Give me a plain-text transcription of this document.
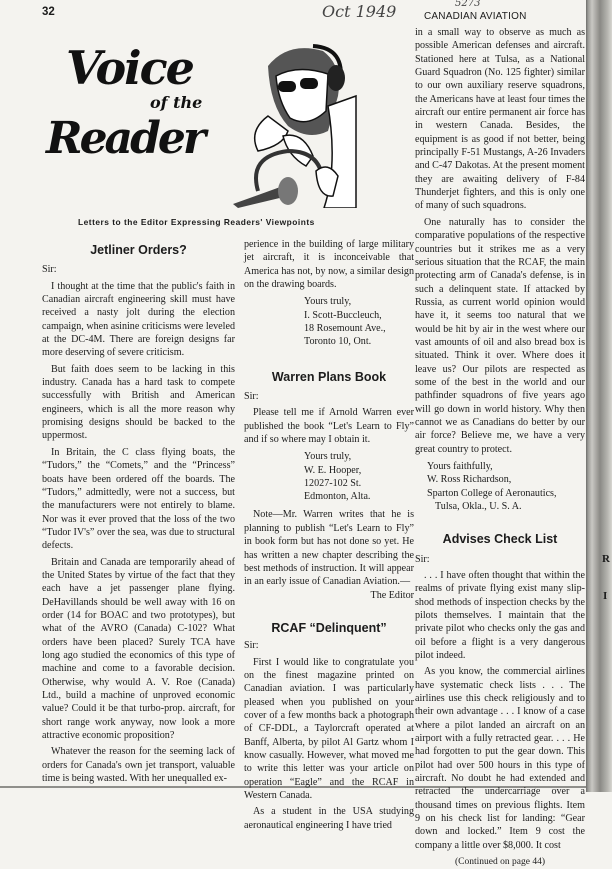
R
I
32	Oct 1949	5273
CANADIAN AVIATION
Voice
of the
Reader
Letters to the Editor Expressing Readers' Viewpoints
Jetliner Orders?
Sir:

I thought at the time that the public's faith in Canadian aircraft engineering skill must have received a nasty jolt during the election campaign, when asinine criticisms were leveled at the DC-4M. There are foreign designs far more deserving of severe criticism.

But faith does seem to be lacking in this industry. Canada has a hard task to compete successfully with British and American engineers, which is all the more reason why promising designs should be backed to the uppermost.

In Britain, the C class flying boats, the “Tudors,” the “Comets,” and the “Princess” boats have been ordered off the boards. The “Tudors,” admittedly, were not a success, but the manufacturers were not entirely to blame. Nor was it ever proved that the loss of the two “Tudor IV's” over the sea, was due to structural defects.

Britain and Canada are temporarily ahead of the United States by virtue of the fact that they each have a jet passenger plane flying. DeHavillands should be well away with 16 on order (14 for BOAC and two prototypes), but what of the AVRO (Canada) C-102? What orders have been placed? Surely TCA have long ago studied the economics of this type of machine and come to a favorable decision. Otherwise, why would A. V. Roe (Canada) Ltd., build a machine of unproved economic value? Could it be that turbo-prop. aircraft, for short range work anyway, now look a more attractive economic proposition?

Whatever the reason for the seeming lack of orders for Canada's own jet transport, valuable time is being wasted. With her unequalled ex-

perience in the building of large military jet aircraft, it is inconceivable that America has not, by now, a similar design on the drawing boards.

Yours truly,
I. Scott-Buccleuch,
18 Rosemount Ave.,
Toronto 10, Ont.
Warren Plans Book
Sir:

Please tell me if Arnold Warren ever published the book “Let's Learn to Fly” and if so where may I obtain it.

Yours truly,
W. E. Hooper,
12027-102 St.
Edmonton, Alta.

Note—Mr. Warren writes that he is planning to publish “Let's Learn to Fly” in book form but has not done so yet. He has written a new chapter describing the best methods of instruction. It will appear in an early issue of Canadian Aviation.—

The Editor
RCAF “Delinquent”
Sir:

First I would like to congratulate you on the finest magazine printed on Canadian aviation. I was particularly pleased when you published on your cover of a few months back a photograph of CF-DDL, a Taylorcraft operated at Banff, Alberta, by pilot Al Gartz whom I know casually. However, what moved me to write this letter was your article on operation “Eagle” and the RCAF in Western Canada.

As a student in the USA studying aeronautical engineering I have tried

in a small way to observe as much as possible American defenses and aircraft. Stationed here at Tulsa, as a National Guard Squadron (No. 125 fighter) similar to our own auxiliary reserve squadrons, the Americans have at least four times the aircraft our entire permanent air force has in western Canada. Besides, the equipment is as good if not better, being principally F-51 Mustangs, A-26 Invaders and C-47 Dakotas. At the present moment they are awaiting delivery of F-84 Thunderjet fighters, and this is only one of many of such squadrons.

One naturally has to consider the comparative populations of the respective countries but it strikes me as a very serious situation that the RCAF, the main protecting arm of Canada's defense, is in such a delinquent state. If attacked by Russia, as current world opinion would have it, it seems too natural that we would be hit by air in the west where our vast amounts of oil and also bread box is situated. Think it over. Where does it leave us? Our pilots are respected as some of the best in the world and our pathfinder squadrons of five years ago will go down in world history. Why then cannot we as Canadians do better by our air force? Believe me, we have a very great country to protect.

Yours faithfully,
W. Ross Richardson,
Sparton College of Aeronautics,
Tulsa, Okla., U. S. A.
Advises Check List
Sir:

. . . I have often thought that within the realms of private flying exist many slip-shod methods of inspection checks by the pilots themselves. I maintain that the private pilot who checks only the gas and oil before a flight is a very dangerous pilot indeed.

As you know, the commercial airlines have systematic check lists . . . The airlines use this check religiously and to their own advantage . . . I know of a case where a pilot landed an aircraft on an airport with a fully retracted gear. . . . He had forgotten to put the gear down. This pilot had over 500 hours in this type of aircraft. No doubt he had extended and retracted the undercarriage over a thousand times on previous flights. Item 9 on his check list for landing: “Gear down and locked.” Item 9 cost the company a little over $8,000. It cost

(Continued on page 44)
